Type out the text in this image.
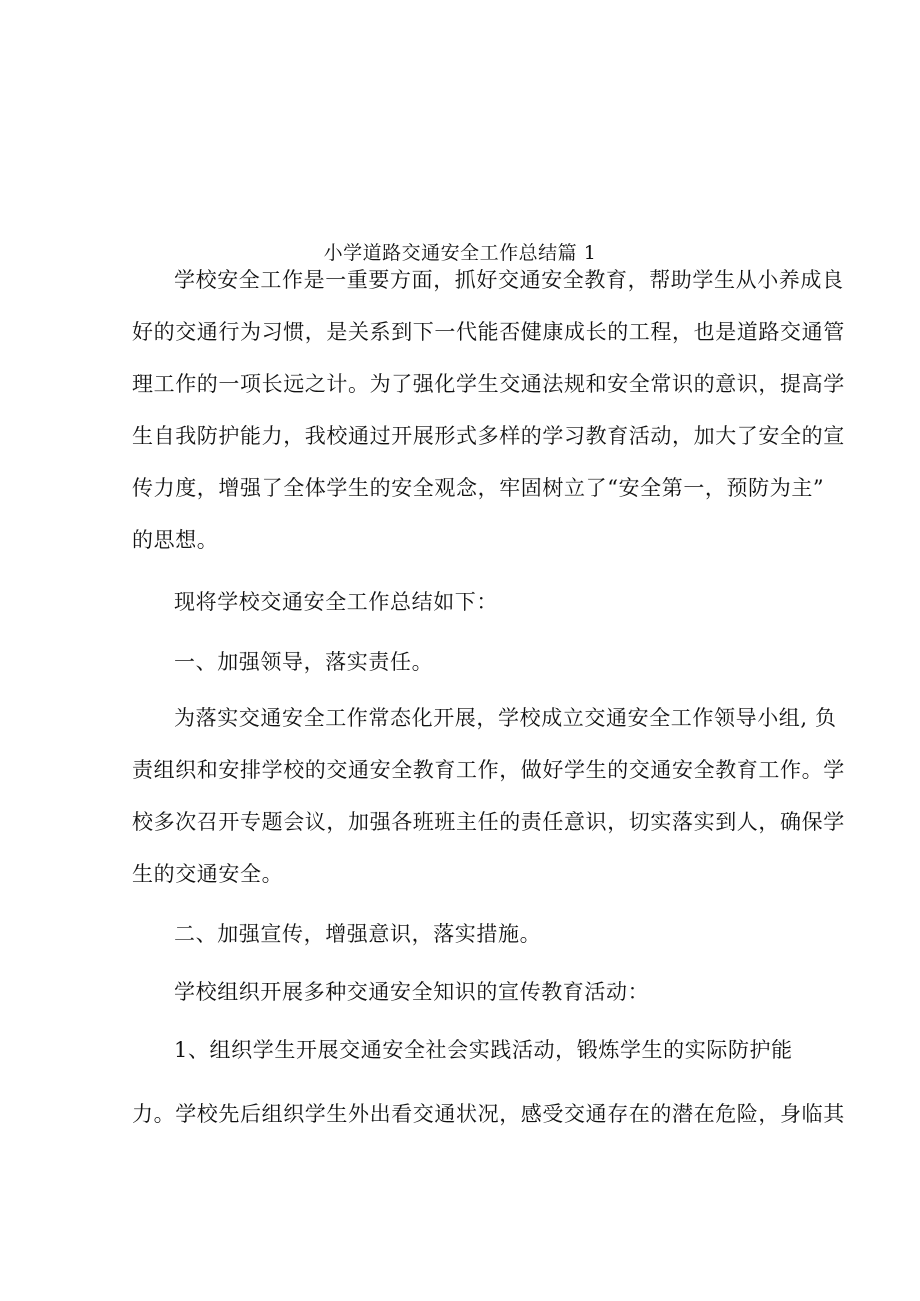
小学道路交通安全工作总结篇 1
学校安全工作是一重要方面，抓好交通安全教育，帮助学生从小养成良
好的交通行为习惯，是关系到下一代能否健康成长的工程，也是道路交通管
理工作的一项长远之计。为了强化学生交通法规和安全常识的意识，提高学
生自我防护能力，我校通过开展形式多样的学习教育活动，加大了安全的宣
传力度，增强了全体学生的安全观念，牢固树立了“安全第一，预防为主”
的思想。
现将学校交通安全工作总结如下：
一、加强领导，落实责任。
为落实交通安全工作常态化开展，学校成立交通安全工作领导小组, 负
责组织和安排学校的交通安全教育工作，做好学生的交通安全教育工作。学
校多次召开专题会议，加强各班班主任的责任意识，切实落实到人，确保学
生的交通安全。
二、加强宣传，增强意识，落实措施。
学校组织开展多种交通安全知识的宣传教育活动：
1、组织学生开展交通安全社会实践活动，锻炼学生的实际防护能
力。学校先后组织学生外出看交通状况，感受交通存在的潜在危险，身临其
